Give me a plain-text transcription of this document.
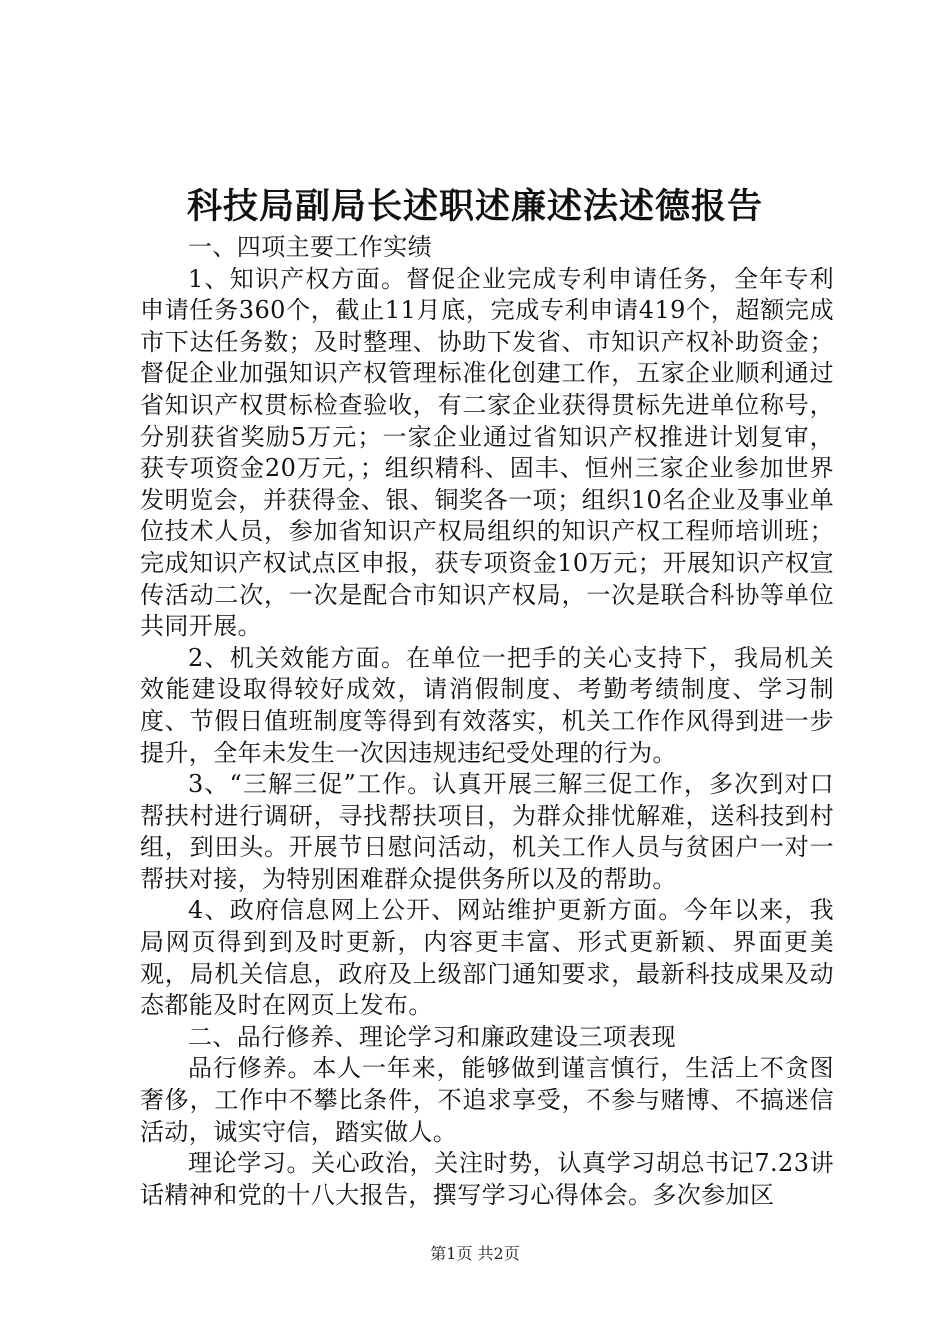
科技局副局长述职述廉述法述德报告

一、四项主要工作实绩

1、知识产权方面。督促企业完成专利申请任务，全年专利申请任务360个，截止11月底，完成专利申请419个，超额完成市下达任务数；及时整理、协助下发省、市知识产权补助资金；督促企业加强知识产权管理标准化创建工作，五家企业顺利通过省知识产权贯标检查验收，有二家企业获得贯标先进单位称号，分别获省奖励5万元；一家企业通过省知识产权推进计划复审，获专项资金20万元，；组织精科、固丰、恒州三家企业参加世界发明览会，并获得金、银、铜奖各一项；组织10名企业及事业单位技术人员，参加省知识产权局组织的知识产权工程师培训班；完成知识产权试点区申报，获专项资金10万元；开展知识产权宣传活动二次，一次是配合市知识产权局，一次是联合科协等单位共同开展。

2、机关效能方面。在单位一把手的关心支持下，我局机关效能建设取得较好成效，请消假制度、考勤考绩制度、学习制度、节假日值班制度等得到有效落实，机关工作作风得到进一步提升，全年未发生一次因违规违纪受处理的行为。

3、“三解三促”工作。认真开展三解三促工作，多次到对口帮扶村进行调研，寻找帮扶项目，为群众排忧解难，送科技到村组，到田头。开展节日慰问活动，机关工作人员与贫困户一对一帮扶对接，为特别困难群众提供务所以及的帮助。

4、政府信息网上公开、网站维护更新方面。今年以来，我局网页得到到及时更新，内容更丰富、形式更新颖、界面更美观，局机关信息，政府及上级部门通知要求，最新科技成果及动态都能及时在网页上发布。

二、品行修养、理论学习和廉政建设三项表现

品行修养。本人一年来，能够做到谨言慎行，生活上不贪图奢侈，工作中不攀比条件，不追求享受，不参与赌博、不搞迷信活动，诚实守信，踏实做人。

理论学习。关心政治，关注时势，认真学习胡总书记7.23讲话精神和党的十八大报告，撰写学习心得体会。多次参加区

第1页 共2页
